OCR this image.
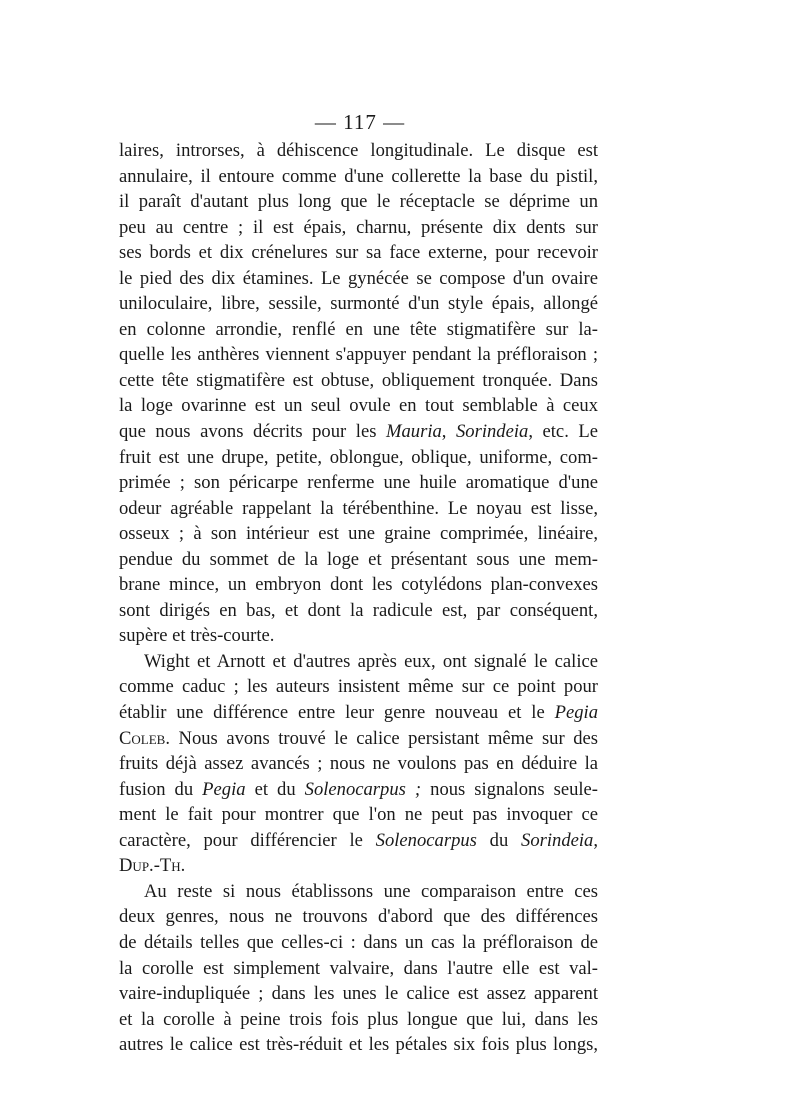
— 117 —
laires, introrses, à déhiscence longitudinale. Le disque est
annulaire, il entoure comme d'une collerette la base du pistil,
il paraît d'autant plus long que le réceptacle se déprime un
peu au centre ; il est épais, charnu, présente dix dents sur
ses bords et dix crénelures sur sa face externe, pour recevoir
le pied des dix étamines. Le gynécée se compose d'un ovaire
uniloculaire, libre, sessile, surmonté d'un style épais, allongé
en colonne arrondie, renflé en une tête stigmatifère sur la-
quelle les anthères viennent s'appuyer pendant la préfloraison ;
cette tête stigmatifère est obtuse, obliquement tronquée. Dans
la loge ovarinne est un seul ovule en tout semblable à ceux
que nous avons décrits pour les Mauria, Sorindeia, etc. Le
fruit est une drupe, petite, oblongue, oblique, uniforme, com-
primée ; son péricarpe renferme une huile aromatique d'une
odeur agréable rappelant la térébenthine. Le noyau est lisse,
osseux ; à son intérieur est une graine comprimée, linéaire,
pendue du sommet de la loge et présentant sous une mem-
brane mince, un embryon dont les cotylédons plan-convexes
sont dirigés en bas, et dont la radicule est, par conséquent,
supère et très-courte.
Wight et Arnott et d'autres après eux, ont signalé le calice
comme caduc ; les auteurs insistent même sur ce point pour
établir une différence entre leur genre nouveau et le Pegia
Coleb. Nous avons trouvé le calice persistant même sur des
fruits déjà assez avancés ; nous ne voulons pas en déduire la
fusion du Pegia et du Solenocarpus ; nous signalons seule-
ment le fait pour montrer que l'on ne peut pas invoquer ce
caractère, pour différencier le Solenocarpus du Sorindeia,
Dup.-Th.
Au reste si nous établissons une comparaison entre ces
deux genres, nous ne trouvons d'abord que des différences
de détails telles que celles-ci : dans un cas la préfloraison de
la corolle est simplement valvaire, dans l'autre elle est val-
vaire-indupliquée ; dans les unes le calice est assez apparent
et la corolle à peine trois fois plus longue que lui, dans les
autres le calice est très-réduit et les pétales six fois plus longs,
